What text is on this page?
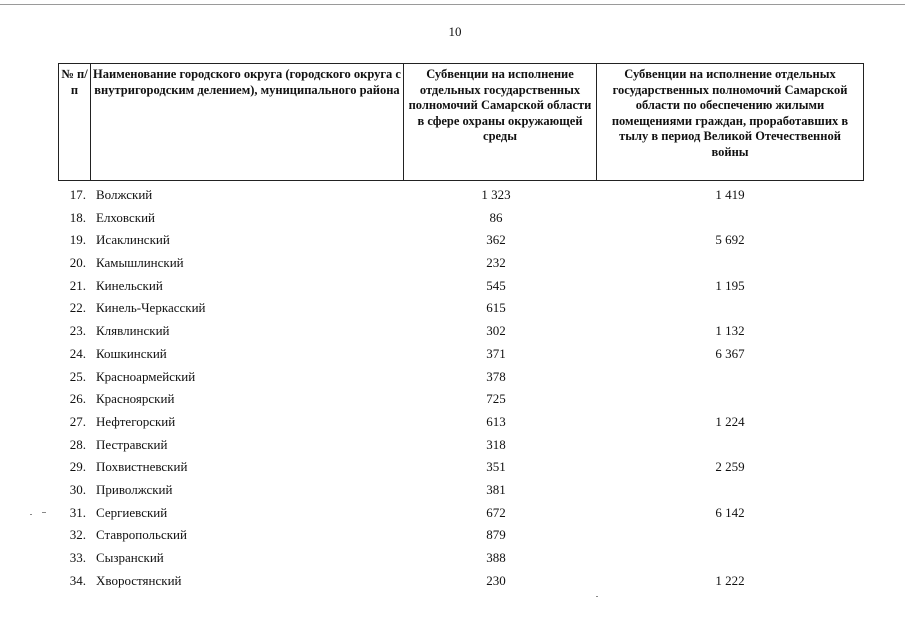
10
№ п/п	Наименование городского округа (городского округа с внутригородским делением), муниципального района	Субвенции на исполнение отдельных государственных полномочий Самарской области в сфере охраны окружающей среды	Субвенции на исполнение отдельных государственных полномочий Самарской области по обеспечению жилыми помещениями граждан, проработавших в тылу в период Великой Отечественной войны
17. Волжский	1 323	1 419
18. Елховский	86
19. Исаклинский	362	5 692
20. Камышлинский	232
21. Кинельский	545	1 195
22. Кинель-Черкасский	615
23. Клявлинский	302	1 132
24. Кошкинский	371	6 367
25. Красноармейский	378
26. Красноярский	725
27. Нефтегорский	613	1 224
28. Пестравский	318
29. Похвистневский	351	2 259
30. Приволжский	381
31. Сергиевский	672	6 142
32. Ставропольский	879
33. Сызранский	388
34. Хворостянский	230	1 222
